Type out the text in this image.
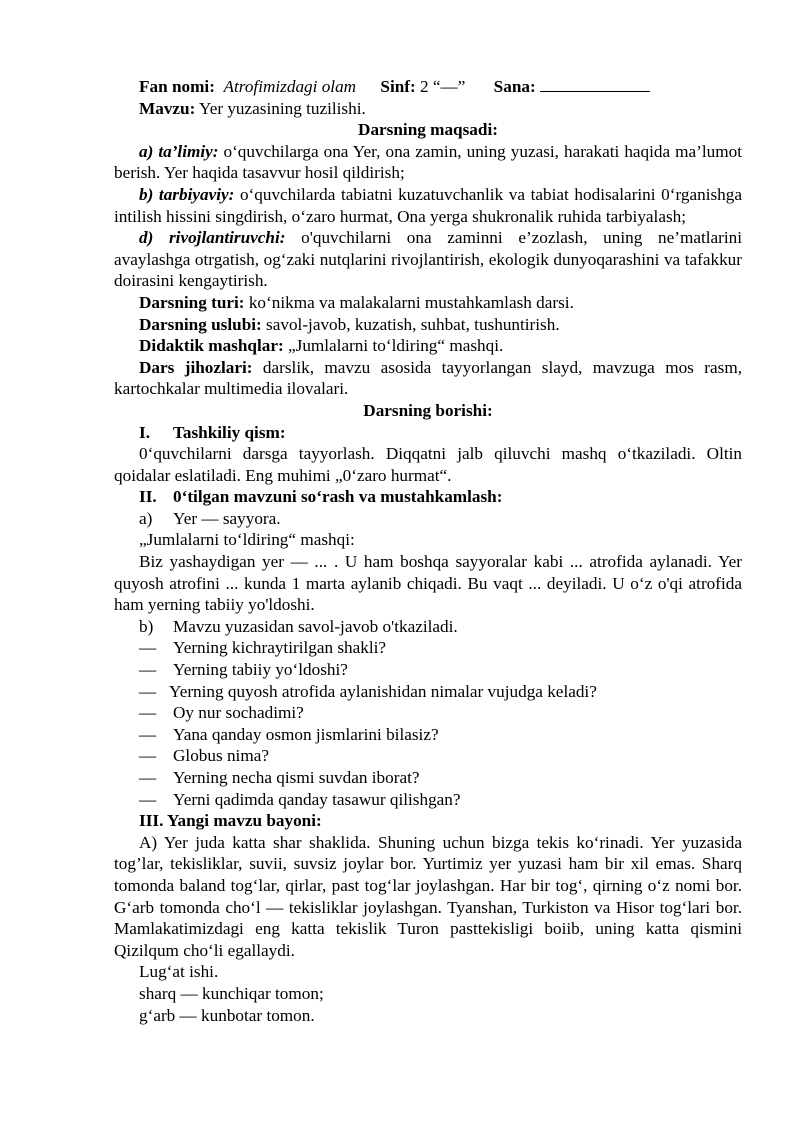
Fan nomi: Atrofimizdagi olam Sinf: 2 “—” Sana:

Mavzu: Yer yuzasining tuzilishi.

Darsning maqsadi:

a) ta’limiy: o‘quvchilarga ona Yer, ona zamin, uning yuzasi, harakati haqida ma’lumot berish. Yer haqida tasavvur hosil qildirish;

b) tarbiyaviy: o‘quvchilarda tabiatni kuzatuvchanlik va tabiat hodisalarini 0‘rganishga intilish hissini singdirish, o‘zaro hurmat, Ona yerga shukronalik ruhida tarbiyalash;

d) rivojlantiruvchi: o'quvchilarni ona zaminni e’zozlash, uning ne’matlarini avaylashga otrgatish, og‘zaki nutqlarini rivojlantirish, ekologik dunyoqarashini va tafakkur doirasini kengaytirish.

Darsning turi: ko‘nikma va malakalarni mustahkamlash darsi.

Darsning uslubi: savol-javob, kuzatish, suhbat, tushuntirish.

Didaktik mashqlar: „Jumlalarni to‘ldiring“ mashqi.

Dars jihozlari: darslik, mavzu asosida tayyorlangan slayd, mavzuga mos rasm, kartochkalar multimedia ilovalari.

Darsning borishi:

I. Tashkiliy qism:

0‘quvchilarni darsga tayyorlash. Diqqatni jalb qiluvchi mashq o‘tkaziladi. Oltin qoidalar eslatiladi. Eng muhimi „0‘zaro hurmat“.

II. 0‘tilgan mavzuni so‘rash va mustahkamlash:

a) Yer — sayyora.

„Jumlalarni to‘ldiring“ mashqi:

Biz yashaydigan yer — ... . U ham boshqa sayyoralar kabi ... atrofida aylanadi. Yer quyosh atrofini ... kunda 1 marta aylanib chiqadi. Bu vaqt ... deyiladi. U o‘z o'qi atrofida ham yerning tabiiy yo'ldoshi.

b) Mavzu yuzasidan savol-javob o'tkaziladi.

— Yerning kichraytirilgan shakli?

— Yerning tabiiy yo‘ldoshi?

— Yerning quyosh atrofida aylanishidan nimalar vujudga keladi?

— Oy nur sochadimi?

— Yana qanday osmon jismlarini bilasiz?

— Globus nima?

— Yerning necha qismi suvdan iborat?

— Yerni qadimda qanday tasawur qilishgan?

III. Yangi mavzu bayoni:

A) Yer juda katta shar shaklida. Shuning uchun bizga tekis ko‘rinadi. Yer yuzasida tog’lar, tekisliklar, suvii, suvsiz joylar bor. Yurtimiz yer yuzasi ham bir xil emas. Sharq tomonda baland tog‘lar, qirlar, past tog‘lar joylashgan. Har bir tog‘, qirning o‘z nomi bor. G‘arb tomonda cho‘l — tekisliklar joylashgan. Tyanshan, Turkiston va Hisor tog‘lari bor. Mamlakatimizdagi eng katta tekislik Turon pasttekisligi boiib, uning katta qismini Qizilqum cho‘li egallaydi.

Lug‘at ishi.

sharq — kunchiqar tomon;

g‘arb — kunbotar tomon.
